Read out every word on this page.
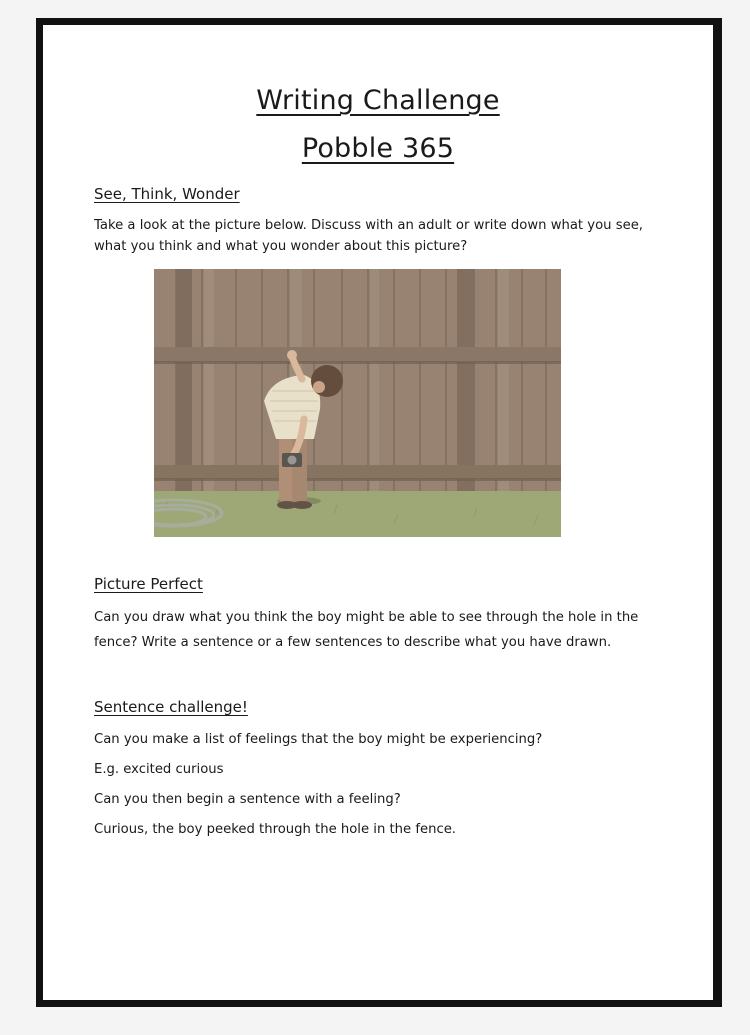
Writing Challenge
Pobble 365
See, Think, Wonder

Take a look at the picture below. Discuss with an adult or write down what you see, what you think and what you wonder about this picture?

Picture Perfect

Can you draw what you think the boy might be able to see through the hole in the fence? Write a sentence or a few sentences to describe what you have drawn.

Sentence challenge!

Can you make a list of feelings that the boy might be experiencing?

E.g. excited curious

Can you then begin a sentence with a feeling?

Curious, the boy peeked through the hole in the fence.
